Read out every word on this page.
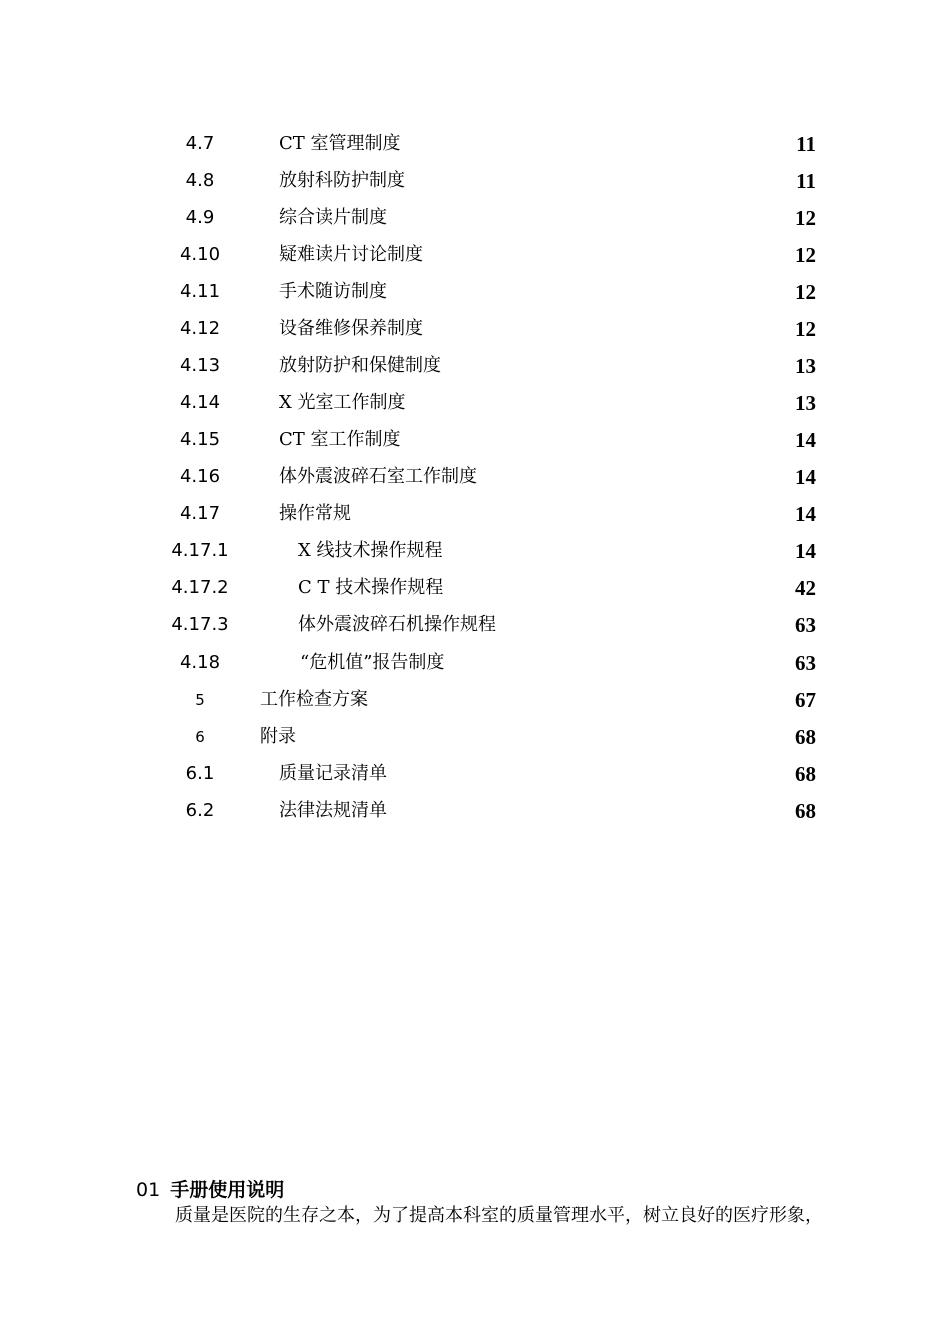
4.7	CT 室管理制度	11
4.8	放射科防护制度	11
4.9	综合读片制度	12
4.10	疑难读片讨论制度	12
4.11	手术随访制度	12
4.12	设备维修保养制度	12
4.13	放射防护和保健制度	13
4.14	X 光室工作制度	13
4.15	CT 室工作制度	14
4.16	体外震波碎石室工作制度	14
4.17	操作常规	14
4.17.1	X 线技术操作规程	14
4.17.2	C T 技术操作规程	42
4.17.3	体外震波碎石机操作规程	63
4.18	“危机值”报告制度	63
5	工作检查方案	67
6	附录	68
6.1	质量记录清单	68
6.2	法律法规清单	68
01 手册使用说明
质量是医院的生存之本，为了提高本科室的质量管理水平，树立良好的医疗形象，
